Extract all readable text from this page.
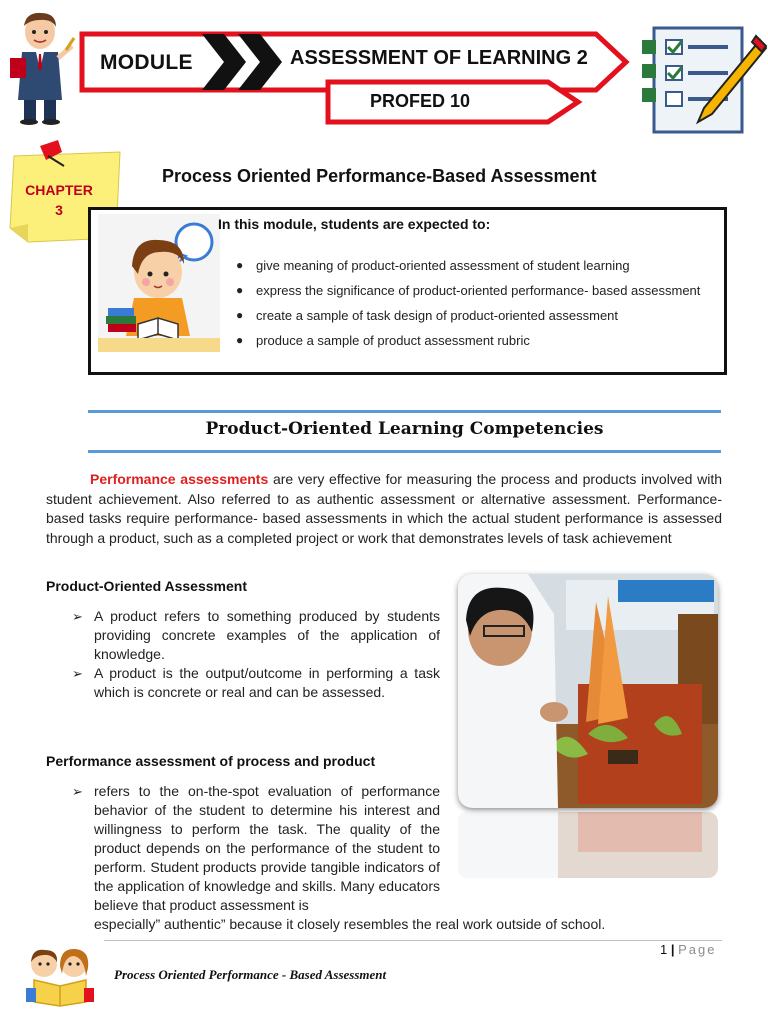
MODULE	ASSESSMENT OF LEARNING 2
PROFED 10
CHAPTER
3
Process Oriented Performance-Based Assessment
In this module, students are expected to:
● give meaning of product-oriented assessment of student learning
● express the significance of product-oriented performance- based assessment
● create a sample of task design of product-oriented assessment
● produce a sample of product assessment rubric
Product-Oriented Learning Competencies

Performance assessments are very effective for measuring the process and products involved with student achievement. Also referred to as authentic assessment or alternative assessment. Performance-based tasks require performance- based assessments in which the actual student performance is assessed through a product, such as a completed project or work that demonstrates levels of task achievement

Product-Oriented Assessment
➢ A product refers to something produced by students providing concrete examples of the application of knowledge.
➢ A product is the output/outcome in performing a task which is concrete or real and can be assessed.
Performance assessment of process and product
➢ refers to the on-the-spot evaluation of performance behavior of the student to determine his interest and willingness to perform the task. The quality of the product depends on the performance of the student to perform. Student products provide tangible indicators of the application of knowledge and skills. Many educators believe that product assessment is
especially” authentic” because it closely resembles the real work outside of school.
1 | Page
Process Oriented Performance - Based Assessment
